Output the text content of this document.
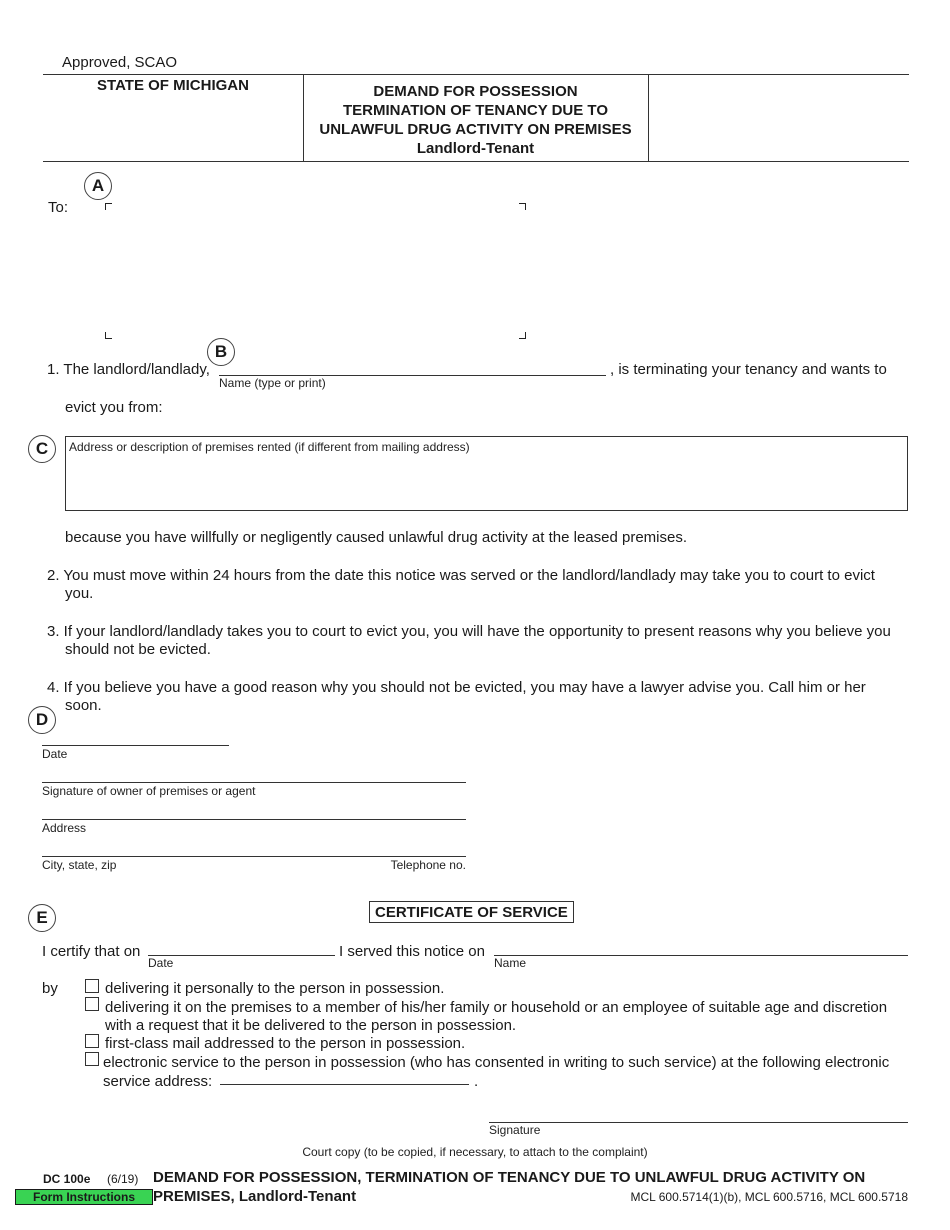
Approved, SCAO
STATE OF MICHIGAN	DEMAND FOR POSSESSION
TERMINATION OF TENANCY DUE TO
UNLAWFUL DRUG ACTIVITY ON PREMISES
Landlord-Tenant
A
To:
B
1. The landlord/landlady,
Name (type or print)
, is terminating your tenancy and wants to
evict you from:
C	Address or description of premises rented (if different from mailing address)
because you have willfully or negligently caused unlawful drug activity at the leased premises.
2. You must move within 24 hours from the date this notice was served or the landlord/landlady may take you to court to evict
you.
3. If your landlord/landlady takes you to court to evict you, you will have the opportunity to present reasons why you believe you
should not be evicted.
4. If you believe you have a good reason why you should not be evicted, you may have a lawyer advise you. Call him or her
soon.
D
Date
Signature of owner of premises or agent
Address
City, state, zip	Telephone no.
E	CERTIFICATE OF SERVICE
I certify that on
Date
I served this notice on
Name
by	delivering it personally to the person in possession.
delivering it on the premises to a member of his/her family or household or an employee of suitable age and discretion
with a request that it be delivered to the person in possession.
first-class mail addressed to the person in possession.
electronic service to the person in possession (who has consented in writing to such service) at the following electronic
service address:	.
Signature
Court copy (to be copied, if necessary, to attach to the complaint)
DC 100e (6/19) DEMAND FOR POSSESSION, TERMINATION OF TENANCY DUE TO UNLAWFUL DRUG ACTIVITY ON
PREMISES, Landlord-Tenant
Form Instructions	MCL 600.5714(1)(b), MCL 600.5716, MCL 600.5718
